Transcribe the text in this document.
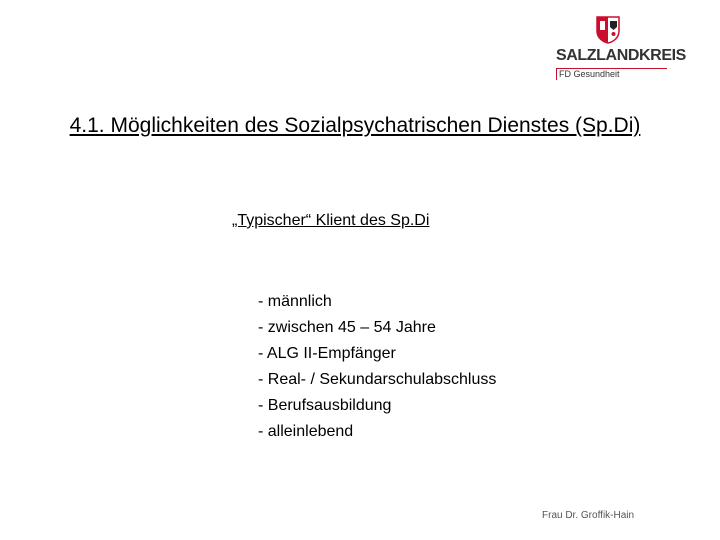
SALZLANDKREIS
FD Gesundheit
4.1. Möglichkeiten des Sozialpsychatrischen Dienstes (Sp.Di)
„Typischer“ Klient des Sp.Di
- männlich
- zwischen 45 – 54 Jahre
- ALG II-Empfänger
- Real- / Sekundarschulabschluss
- Berufsausbildung
- alleinlebend
Frau Dr. Groffik-Hain
